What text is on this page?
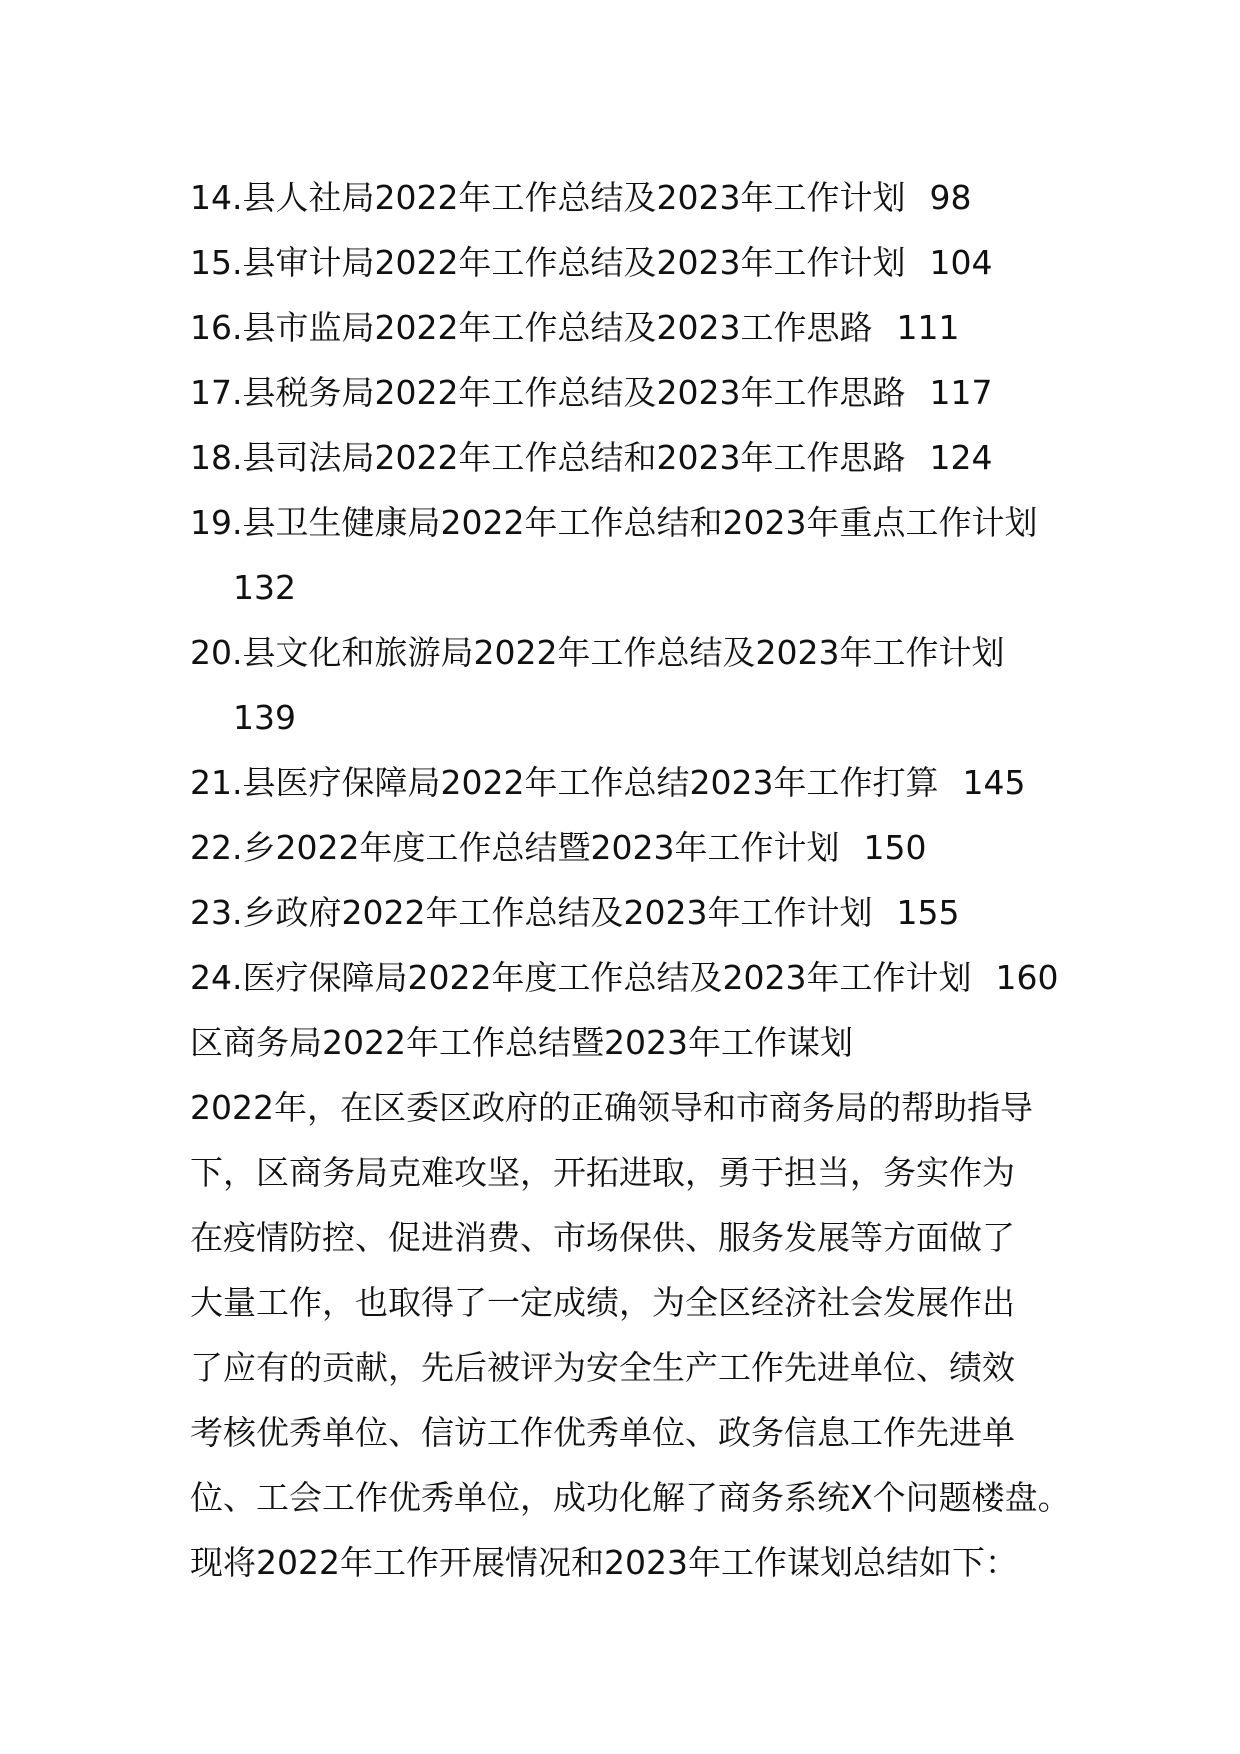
14.县人社局2022年工作总结及2023年工作计划 98
15.县审计局2022年工作总结及2023年工作计划 104
16.县市监局2022年工作总结及2023工作思路 111
17.县税务局2022年工作总结及2023年工作思路 117
18.县司法局2022年工作总结和2023年工作思路 124
19.县卫生健康局2022年工作总结和2023年重点工作计划
132
20.县文化和旅游局2022年工作总结及2023年工作计划
139
21.县医疗保障局2022年工作总结2023年工作打算 145
22.乡2022年度工作总结暨2023年工作计划 150
23.乡政府2022年工作总结及2023年工作计划 155
24.医疗保障局2022年度工作总结及2023年工作计划 160
区商务局2022年工作总结暨2023年工作谋划
2022年，在区委区政府的正确领导和市商务局的帮助指导
下，区商务局克难攻坚，开拓进取，勇于担当，务实作为
在疫情防控、促进消费、市场保供、服务发展等方面做了
大量工作，也取得了一定成绩，为全区经济社会发展作出
了应有的贡献，先后被评为安全生产工作先进单位、绩效
考核优秀单位、信访工作优秀单位、政务信息工作先进单
位、工会工作优秀单位，成功化解了商务系统X个问题楼盘。
现将2022年工作开展情况和2023年工作谋划总结如下：
